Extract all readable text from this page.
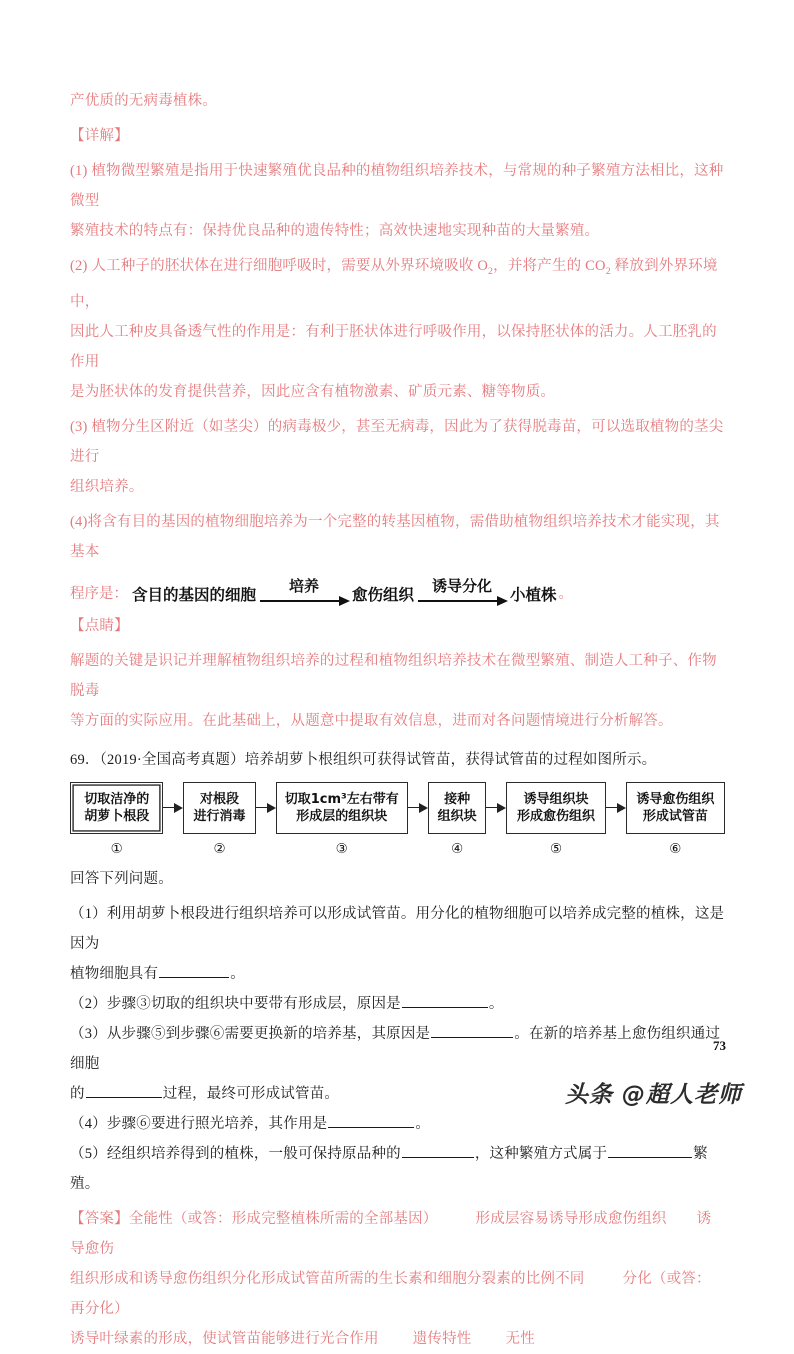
产优质的无病毒植株。

【详解】

(1) 植物微型繁殖是指用于快速繁殖优良品种的植物组织培养技术，与常规的种子繁殖方法相比，这种微型

繁殖技术的特点有：保持优良品种的遗传特性；高效快速地实现种苗的大量繁殖。

(2) 人工种子的胚状体在进行细胞呼吸时，需要从外界环境吸收 $O_2$，并将产生的 $CO_2$ 释放到外界环境中，

因此人工种皮具备透气性的作用是：有利于胚状体进行呼吸作用，以保持胚状体的活力。人工胚乳的作用

是为胚状体的发育提供营养，因此应含有植物激素、矿质元素、糖等物质。

(3) 植物分生区附近（如茎尖）的病毒极少，甚至无病毒，因此为了获得脱毒苗，可以选取植物的茎尖进行

组织培养。

(4)将含有目的基因的植物细胞培养为一个完整的转基因植物，需借助植物组织培养技术才能实现，其基本

程序是： 含目的基因的细胞 培养 愈伤组织 诱导分化 小植株 。

【点睛】

解题的关键是识记并理解植物组织培养的过程和植物组织培养技术在微型繁殖、制造人工种子、作物脱毒

等方面的实际应用。在此基础上，从题意中提取有效信息，进而对各问题情境进行分析解答。

69．（2019·全国高考真题）培养胡萝卜根组织可获得试管苗，获得试管苗的过程如图所示。

切取洁净的
胡萝卜根段
对根段
进行消毒
切取1cm³左右带有
形成层的组织块
接种
组织块
诱导组织块
形成愈伤组织
诱导愈伤组织
形成试管苗
①	②	③	④	⑤	⑥

回答下列问题。

（1）利用胡萝卜根段进行组织培养可以形成试管苗。用分化的植物细胞可以培养成完整的植株，这是因为
植物细胞具有	。

（2）步骤③切取的组织块中要带有形成层，原因是	。

（3）从步骤⑤到步骤⑥需要更换新的培养基，其原因是	。在新的培养基上愈伤组织通过细胞
的	过程，最终可形成试管苗。

（4）步骤⑥要进行照光培养，其作用是	。

（5）经组织培养得到的植株，一般可保持原品种的	，这种繁殖方式属于	繁殖。

【答案】全能性（或答：形成完整植株所需的全部基因）	形成层容易诱导形成愈伤组织 诱导愈伤

组织形成和诱导愈伤组织分化形成试管苗所需的生长素和细胞分裂素的比例不同	分化（或答：再分化）

诱导叶绿素的形成，使试管苗能够进行光合作用 遗传特性 无性

73
头条 @超人老师
